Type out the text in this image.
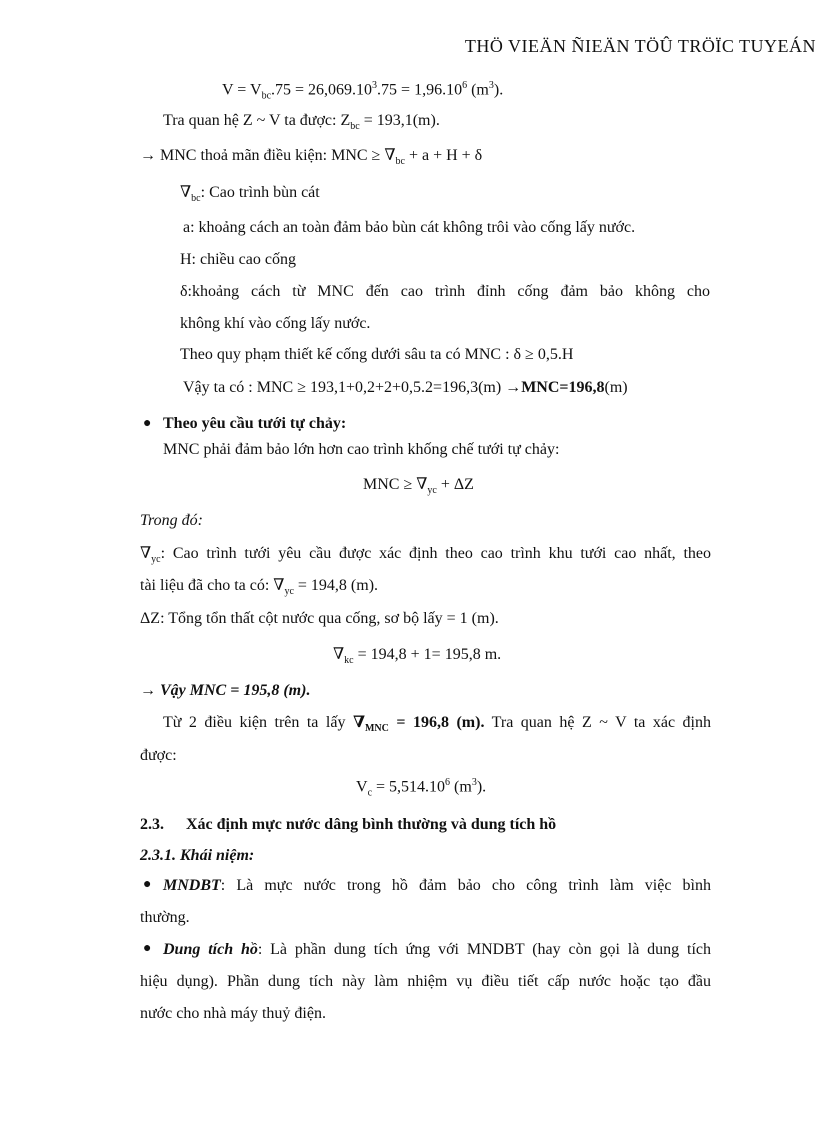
THÖ VIEÄN ÑIEÄN TÖÛ TRÖÏC TUYEÁN
$V = V_{bc}.75 = 26,069.10^3.75 = 1,96.10^6$ $(m^3)$.
Tra quan hệ Z ~ V ta được: $Z_{bc} = 193,1(m)$.
→ MNC thoả mãn điều kiện: MNC ≥ $\nabla_{bc} + a + H + \delta$
$\nabla_{bc}$: Cao trình bùn cát
a: khoảng cách an toàn đảm bảo bùn cát không trôi vào cống lấy nước.
H: chiều cao cống
δ:khoảng cách từ MNC đến cao trình đỉnh cống đảm bảo không cho
không khí vào cống lấy nước.
Theo quy phạm thiết kế cống dưới sâu ta có MNC : δ ≥ 0,5.H
Vậy ta có : MNC ≥ 193,1+0,2+2+0,5.2=196,3(m) →MNC=196,8(m)
● Theo yêu cầu tưới tự chảy:
MNC phải đảm bảo lớn hơn cao trình khống chế tưới tự chảy:
MNC ≥ $\nabla_{yc} + \Delta Z$
Trong đó:
$\nabla_{yc}$: Cao trình tưới yêu cầu được xác định theo cao trình khu tưới cao nhất, theo
tài liệu đã cho ta có: $\nabla_{yc} = 194,8$ (m).
ΔZ: Tổng tổn thất cột nước qua cống, sơ bộ lấy = 1 (m).
$\nabla_{kc} = 194,8 + 1= 195,8$ m.
→ Vậy MNC = 195,8 (m).
Từ 2 điều kiện trên ta lấy $\nabla_{MNC} = 196,8$ (m). Tra quan hệ Z ~ V ta xác định
được:
$V_c = 5,514.10^6$ $(m^3)$.
2.3. Xác định mực nước dâng bình thường và dung tích hồ
2.3.1. Khái niệm:
● MNDBT: Là mực nước trong hồ đảm bảo cho công trình làm việc bình
thường.
● Dung tích hồ: Là phần dung tích ứng với MNDBT (hay còn gọi là dung tích
hiệu dụng). Phần dung tích này làm nhiệm vụ điều tiết cấp nước hoặc tạo đầu
nước cho nhà máy thuỷ điện.
